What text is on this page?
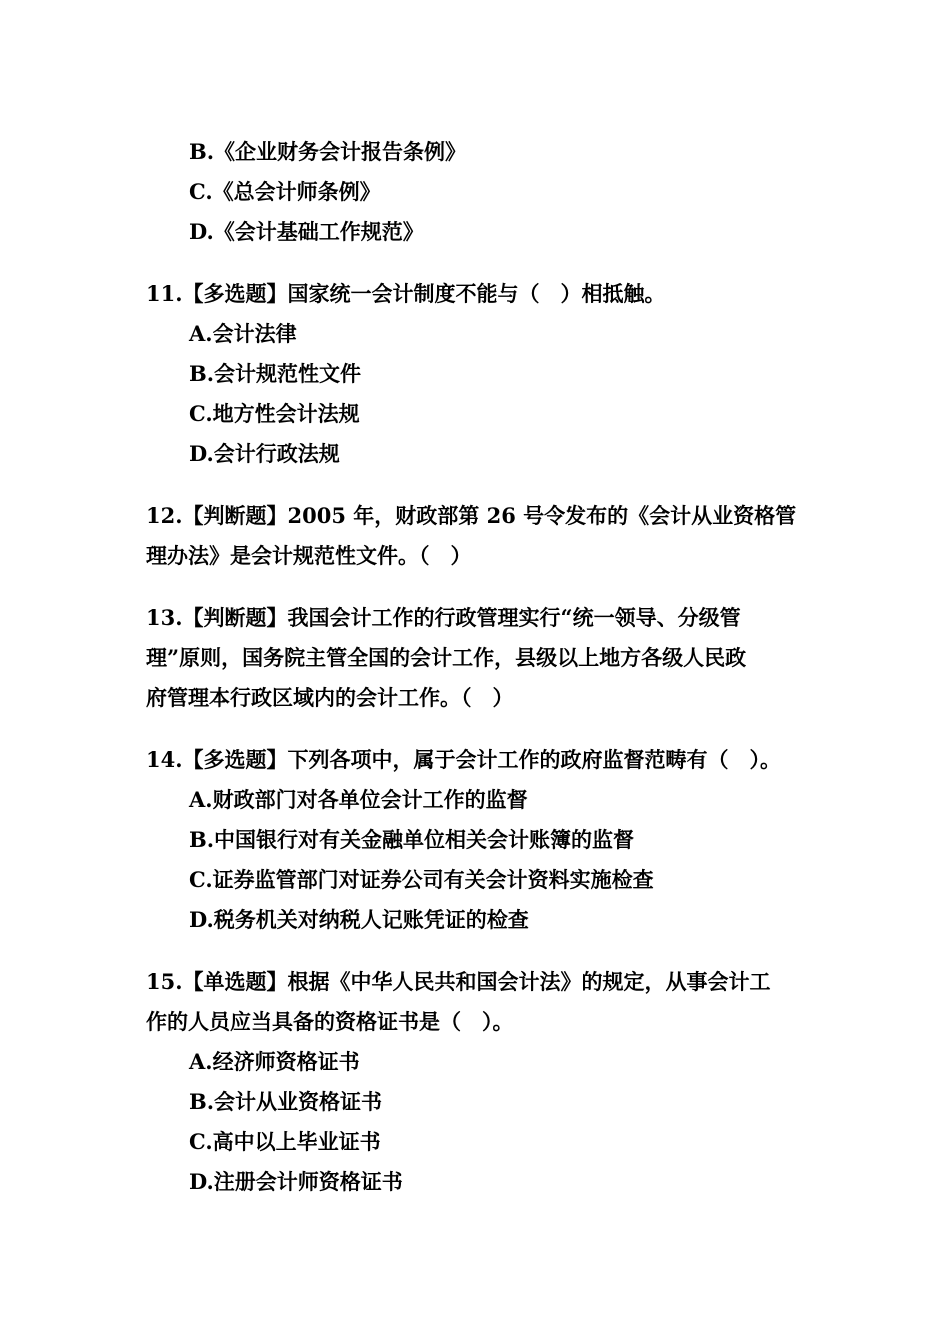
B.《企业财务会计报告条例》

C.《总会计师条例》

D.《会计基础工作规范》

11.【多选题】国家统一会计制度不能与（　）相抵触。

A.会计法律

B.会计规范性文件

C.地方性会计法规

D.会计行政法规

12.【判断题】2005 年，财政部第 26 号令发布的《会计从业资格管

理办法》是会计规范性文件。（　）

13.【判断题】我国会计工作的行政管理实行“统一领导、分级管

理”原则，国务院主管全国的会计工作，县级以上地方各级人民政

府管理本行政区域内的会计工作。（　）

14.【多选题】下列各项中，属于会计工作的政府监督范畴有（　）。

A.财政部门对各单位会计工作的监督

B.中国银行对有关金融单位相关会计账簿的监督

C.证券监管部门对证券公司有关会计资料实施检查

D.税务机关对纳税人记账凭证的检查

15.【单选题】根据《中华人民共和国会计法》的规定，从事会计工

作的人员应当具备的资格证书是（　）。

A.经济师资格证书

B.会计从业资格证书

C.高中以上毕业证书

D.注册会计师资格证书
